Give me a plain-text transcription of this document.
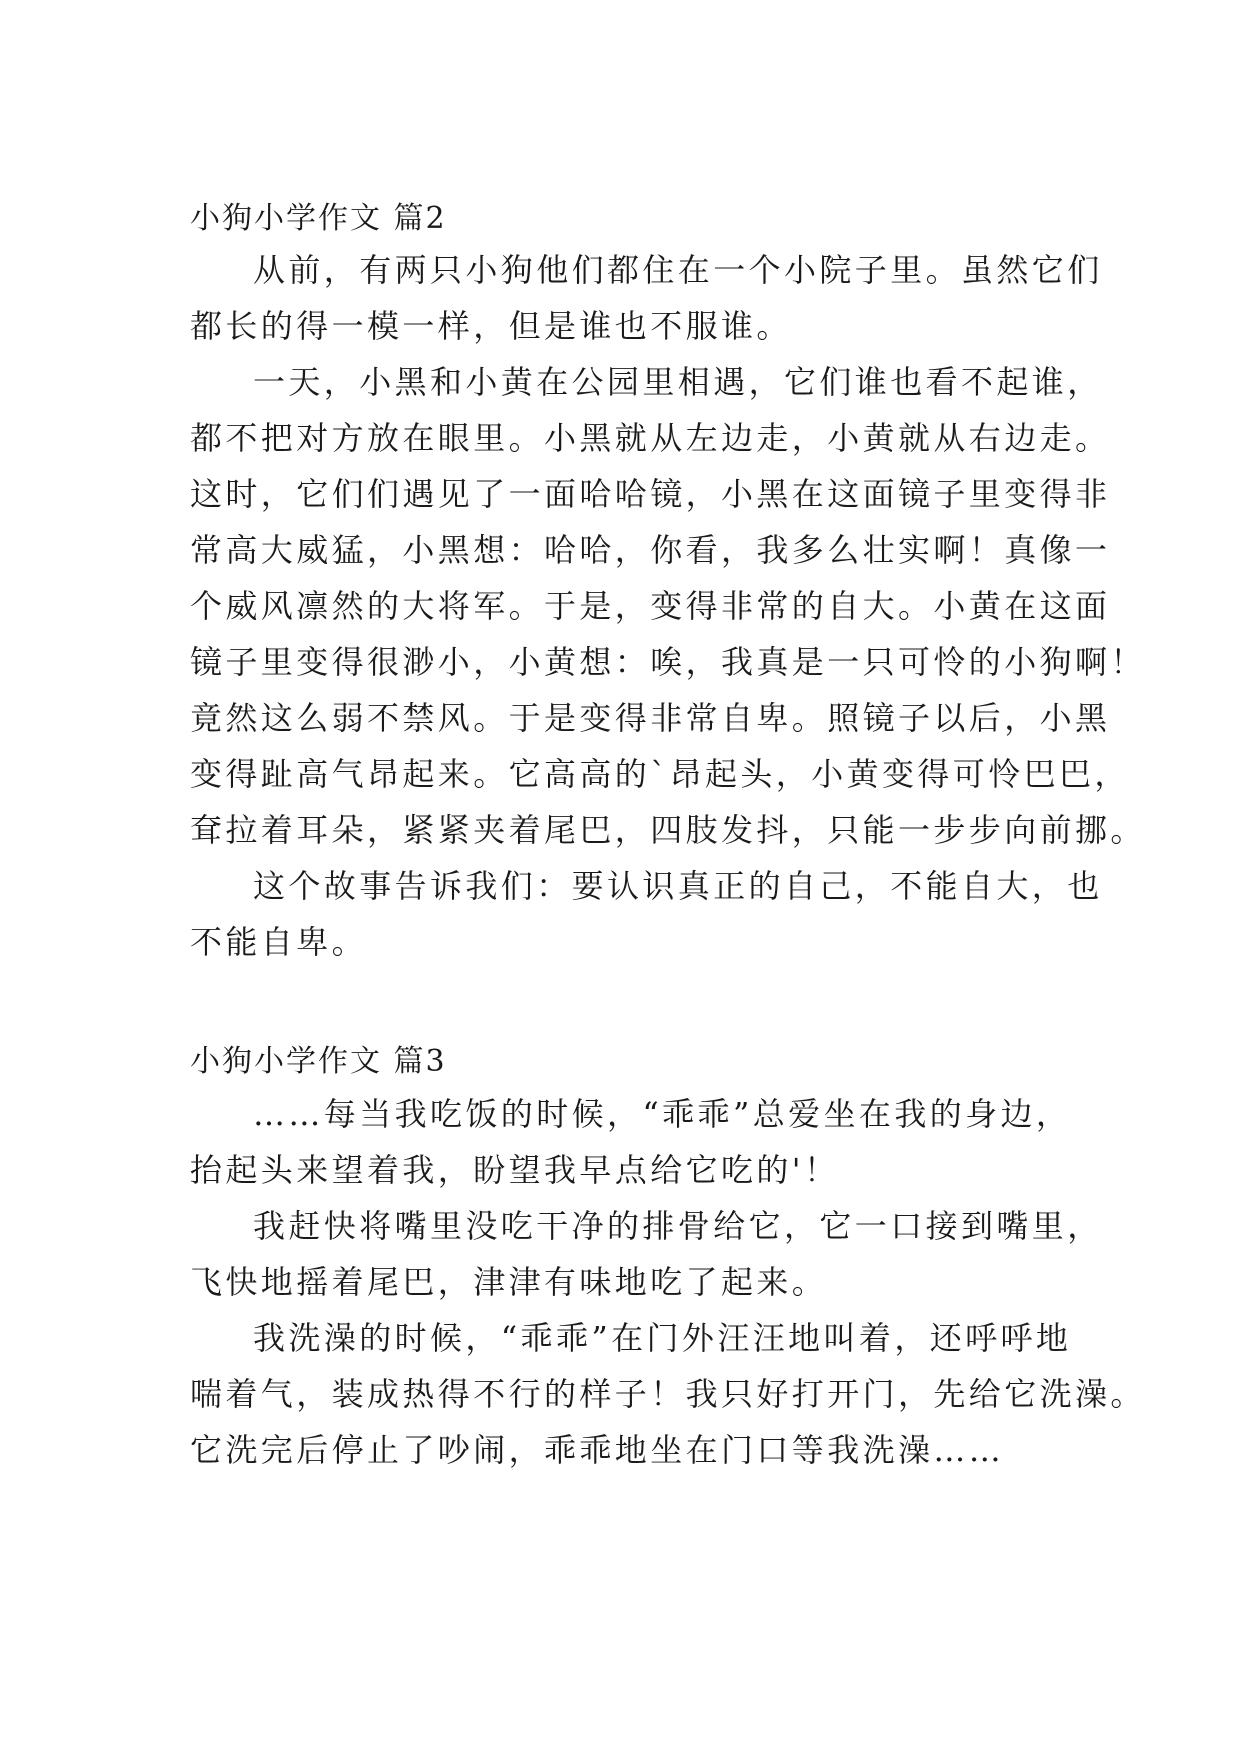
小狗小学作文 篇2
从前，有两只小狗他们都住在一个小院子里。虽然它们
都长的得一模一样，但是谁也不服谁。
一天，小黑和小黄在公园里相遇，它们谁也看不起谁，
都不把对方放在眼里。小黑就从左边走，小黄就从右边走。
这时，它们们遇见了一面哈哈镜，小黑在这面镜子里变得非
常高大威猛，小黑想：哈哈，你看，我多么壮实啊！真像一
个威风凛然的大将军。于是，变得非常的自大。小黄在这面
镜子里变得很渺小，小黄想：唉，我真是一只可怜的小狗啊！
竟然这么弱不禁风。于是变得非常自卑。照镜子以后，小黑
变得趾高气昂起来。它高高的`昂起头，小黄变得可怜巴巴，
耷拉着耳朵，紧紧夹着尾巴，四肢发抖，只能一步步向前挪。
这个故事告诉我们：要认识真正的自己，不能自大，也
不能自卑。
小狗小学作文 篇3
……每当我吃饭的时候，“乖乖”总爱坐在我的身边，
抬起头来望着我，盼望我早点给它吃的'！
我赶快将嘴里没吃干净的排骨给它，它一口接到嘴里，
飞快地摇着尾巴，津津有味地吃了起来。
我洗澡的时候，“乖乖”在门外汪汪地叫着，还呼呼地
喘着气，装成热得不行的样子！我只好打开门，先给它洗澡。
它洗完后停止了吵闹，乖乖地坐在门口等我洗澡……
